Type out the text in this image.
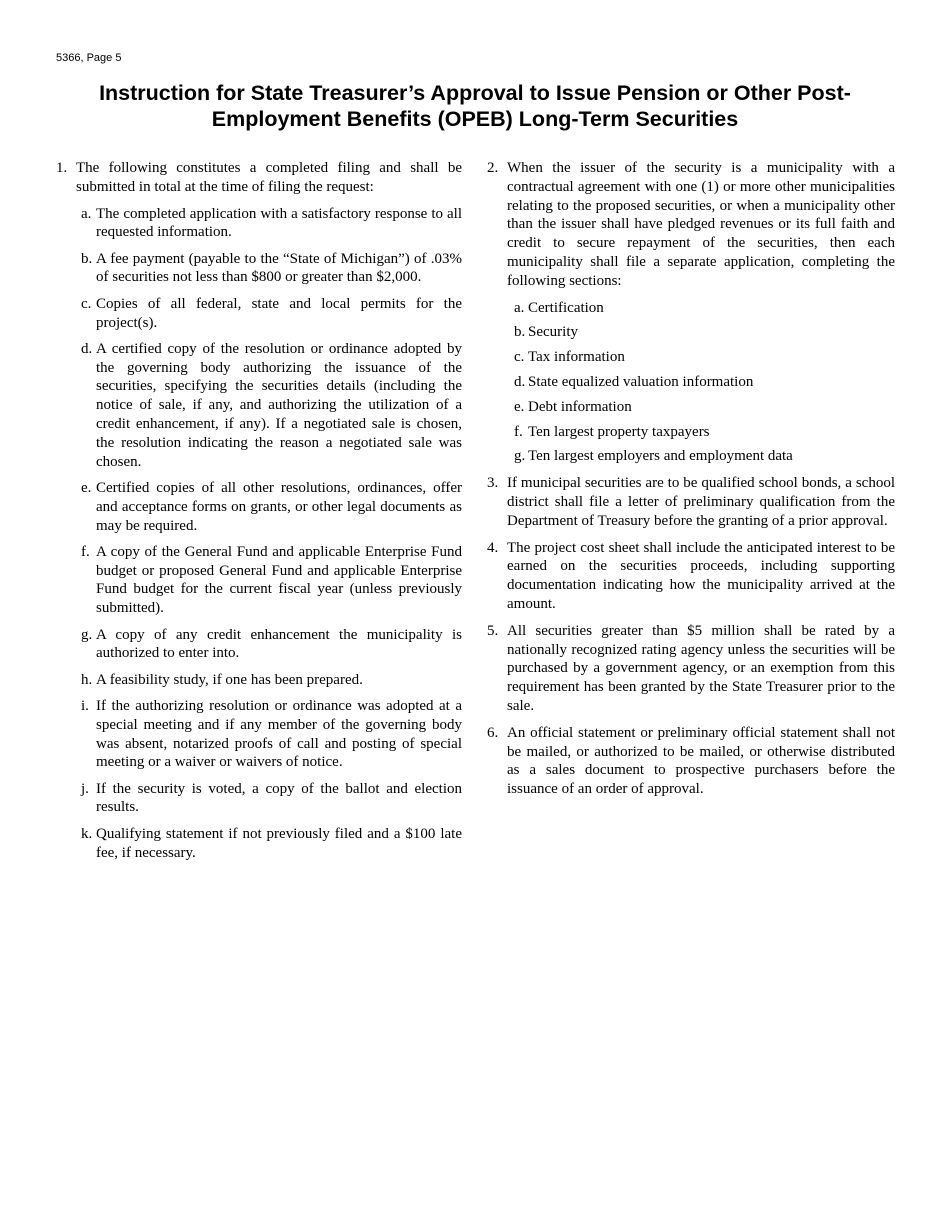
5366, Page 5
Instruction for State Treasurer’s Approval to Issue Pension or Other Post-Employment Benefits (OPEB) Long-Term Securities
1. The following constitutes a completed filing and shall be submitted in total at the time of filing the request:
a. The completed application with a satisfactory response to all requested information.
b. A fee payment (payable to the “State of Michigan”) of .03% of securities not less than $800 or greater than $2,000.
c. Copies of all federal, state and local permits for the project(s).
d. A certified copy of the resolution or ordinance adopted by the governing body authorizing the issuance of the securities, specifying the securities details (including the notice of sale, if any, and authorizing the utilization of a credit enhancement, if any). If a negotiated sale is chosen, the resolution indicating the reason a negotiated sale was chosen.
e. Certified copies of all other resolutions, ordinances, offer and acceptance forms on grants, or other legal documents as may be required.
f. A copy of the General Fund and applicable Enterprise Fund budget or proposed General Fund and applicable Enterprise Fund budget for the current fiscal year (unless previously submitted).
g. A copy of any credit enhancement the municipality is authorized to enter into.
h. A feasibility study, if one has been prepared.
i. If the authorizing resolution or ordinance was adopted at a special meeting and if any member of the governing body was absent, notarized proofs of call and posting of special meeting or a waiver or waivers of notice.
j. If the security is voted, a copy of the ballot and election results.
k. Qualifying statement if not previously filed and a $100 late fee, if necessary.
2. When the issuer of the security is a municipality with a contractual agreement with one (1) or more other municipalities relating to the proposed securities, or when a municipality other than the issuer shall have pledged revenues or its full faith and credit to secure repayment of the securities, then each municipality shall file a separate application, completing the following sections:
a. Certification
b. Security
c. Tax information
d. State equalized valuation information
e. Debt information
f. Ten largest property taxpayers
g. Ten largest employers and employment data
3. If municipal securities are to be qualified school bonds, a school district shall file a letter of preliminary qualification from the Department of Treasury before the granting of a prior approval.
4. The project cost sheet shall include the anticipated interest to be earned on the securities proceeds, including supporting documentation indicating how the municipality arrived at the amount.
5. All securities greater than $5 million shall be rated by a nationally recognized rating agency unless the securities will be purchased by a government agency, or an exemption from this requirement has been granted by the State Treasurer prior to the sale.
6. An official statement or preliminary official statement shall not be mailed, or authorized to be mailed, or otherwise distributed as a sales document to prospective purchasers before the issuance of an order of approval.
